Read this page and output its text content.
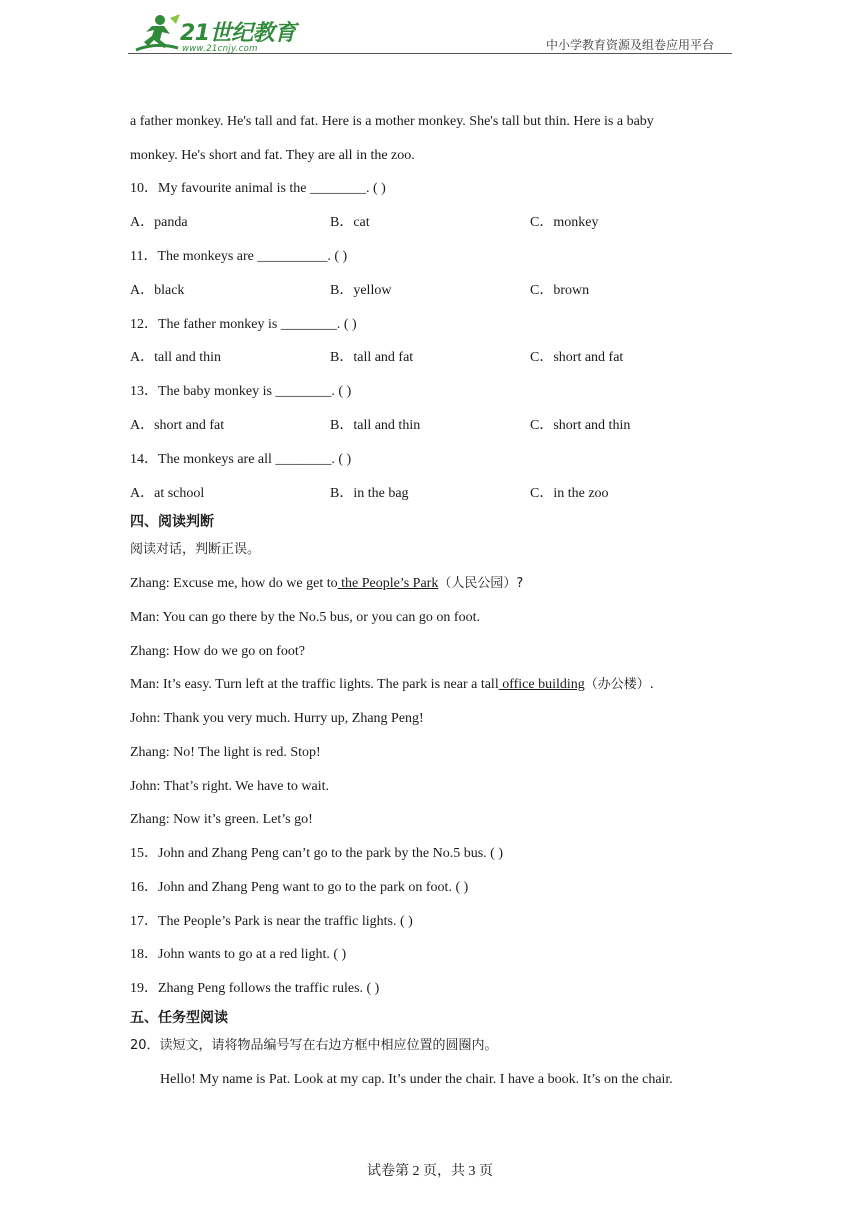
21世纪教育
www.21cnjy.com	中小学教育资源及组卷应用平台
a father monkey. He's tall and fat. Here is a mother monkey. She's tall but thin. Here is a baby
monkey. He's short and fat. They are all in the zoo.
10．My favourite animal is the ________. ( )
A．panda	B．cat	C．monkey
11．The monkeys are __________. ( )
A．black	B．yellow	C．brown
12．The father monkey is ________. ( )
A．tall and thin	B．tall and fat	C．short and fat
13．The baby monkey is ________. ( )
A．short and fat	B．tall and thin	C．short and thin
14．The monkeys are all ________. ( )
A．at school	B．in the bag	C．in the zoo
四、阅读判断
阅读对话，判断正误。
Zhang: Excuse me, how do we get to the People’s Park（人民公园）?
Man: You can go there by the No.5 bus, or you can go on foot.
Zhang: How do we go on foot?
Man: It’s easy. Turn left at the traffic lights. The park is near a tall office building（办公楼）.
John: Thank you very much. Hurry up, Zhang Peng!
Zhang: No! The light is red. Stop!
John: That’s right. We have to wait.
Zhang: Now it’s green. Let’s go!
15．John and Zhang Peng can’t go to the park by the No.5 bus. ( )
16．John and Zhang Peng want to go to the park on foot. ( )
17．The People’s Park is near the traffic lights. ( )
18．John wants to go at a red light. ( )
19．Zhang Peng follows the traffic rules. ( )
五、任务型阅读
20．读短文，请将物品编号写在右边方框中相应位置的圆圈内。
Hello! My name is Pat. Look at my cap. It’s under the chair. I have a book. It’s on the chair.
试卷第 2 页，共 3 页
